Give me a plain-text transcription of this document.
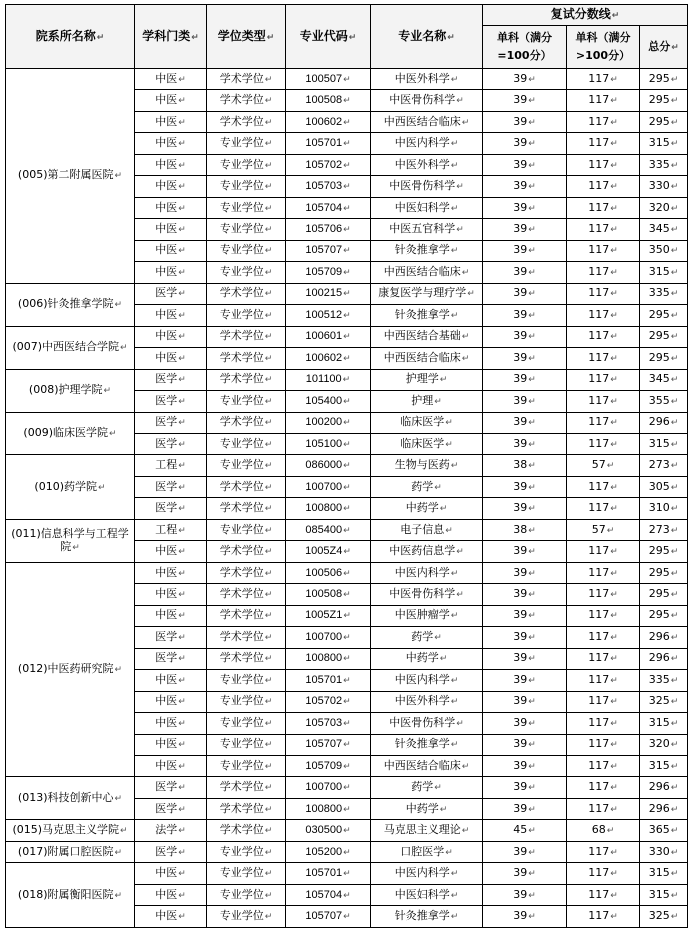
院系所名称↵	学科门类↵	学位类型↵	专业代码↵	专业名称↵	复试分数线↵		
					单科（满分=100分）	单科（满分>100分）	总分↵
(005)第二附属医院↵	中医↵	学术学位↵	100507↵	中医外科学↵	39↵	117↵	295↵
	中医↵	学术学位↵	100508↵	中医骨伤科学↵	39↵	117↵	295↵
	中医↵	学术学位↵	100602↵	中西医结合临床↵	39↵	117↵	295↵
	中医↵	专业学位↵	105701↵	中医内科学↵	39↵	117↵	315↵
	中医↵	专业学位↵	105702↵	中医外科学↵	39↵	117↵	335↵
	中医↵	专业学位↵	105703↵	中医骨伤科学↵	39↵	117↵	330↵
	中医↵	专业学位↵	105704↵	中医妇科学↵	39↵	117↵	320↵
	中医↵	专业学位↵	105706↵	中医五官科学↵	39↵	117↵	345↵
	中医↵	专业学位↵	105707↵	针灸推拿学↵	39↵	117↵	350↵
	中医↵	专业学位↵	105709↵	中西医结合临床↵	39↵	117↵	315↵
(006)针灸推拿学院↵	医学↵	学术学位↵	100215↵	康复医学与理疗学↵	39↵	117↵	335↵
	中医↵	专业学位↵	100512↵	针灸推拿学↵	39↵	117↵	295↵
(007)中西医结合学院↵	中医↵	学术学位↵	100601↵	中西医结合基础↵	39↵	117↵	295↵
	中医↵	学术学位↵	100602↵	中西医结合临床↵	39↵	117↵	295↵
(008)护理学院↵	医学↵	学术学位↵	101100↵	护理学↵	39↵	117↵	345↵
	医学↵	专业学位↵	105400↵	护理↵	39↵	117↵	355↵
(009)临床医学院↵	医学↵	学术学位↵	100200↵	临床医学↵	39↵	117↵	296↵
	医学↵	专业学位↵	105100↵	临床医学↵	39↵	117↵	315↵
(010)药学院↵	工程↵	专业学位↵	086000↵	生物与医药↵	38↵	57↵	273↵
	医学↵	学术学位↵	100700↵	药学↵	39↵	117↵	305↵
	医学↵	学术学位↵	100800↵	中药学↵	39↵	117↵	310↵
(011)信息科学与工程学院↵	工程↵	专业学位↵	085400↵	电子信息↵	38↵	57↵	273↵
	中医↵	学术学位↵	1005Z4↵	中医药信息学↵	39↵	117↵	295↵
(012)中医药研究院↵	中医↵	学术学位↵	100506↵	中医内科学↵	39↵	117↵	295↵
	中医↵	学术学位↵	100508↵	中医骨伤科学↵	39↵	117↵	295↵
	中医↵	学术学位↵	1005Z1↵	中医肿瘤学↵	39↵	117↵	295↵
	医学↵	学术学位↵	100700↵	药学↵	39↵	117↵	296↵
	医学↵	学术学位↵	100800↵	中药学↵	39↵	117↵	296↵
	中医↵	专业学位↵	105701↵	中医内科学↵	39↵	117↵	335↵
	中医↵	专业学位↵	105702↵	中医外科学↵	39↵	117↵	325↵
	中医↵	专业学位↵	105703↵	中医骨伤科学↵	39↵	117↵	315↵
	中医↵	专业学位↵	105707↵	针灸推拿学↵	39↵	117↵	320↵
	中医↵	专业学位↵	105709↵	中西医结合临床↵	39↵	117↵	315↵
(013)科技创新中心↵	医学↵	学术学位↵	100700↵	药学↵	39↵	117↵	296↵
	医学↵	学术学位↵	100800↵	中药学↵	39↵	117↵	296↵
(015)马克思主义学院↵	法学↵	学术学位↵	030500↵	马克思主义理论↵	45↵	68↵	365↵
(017)附属口腔医院↵	医学↵	专业学位↵	105200↵	口腔医学↵	39↵	117↵	330↵
(018)附属衡阳医院↵	中医↵	专业学位↵	105701↵	中医内科学↵	39↵	117↵	315↵
	中医↵	专业学位↵	105704↵	中医妇科学↵	39↵	117↵	315↵
	中医↵	专业学位↵	105707↵	针灸推拿学↵	39↵	117↵	325↵
